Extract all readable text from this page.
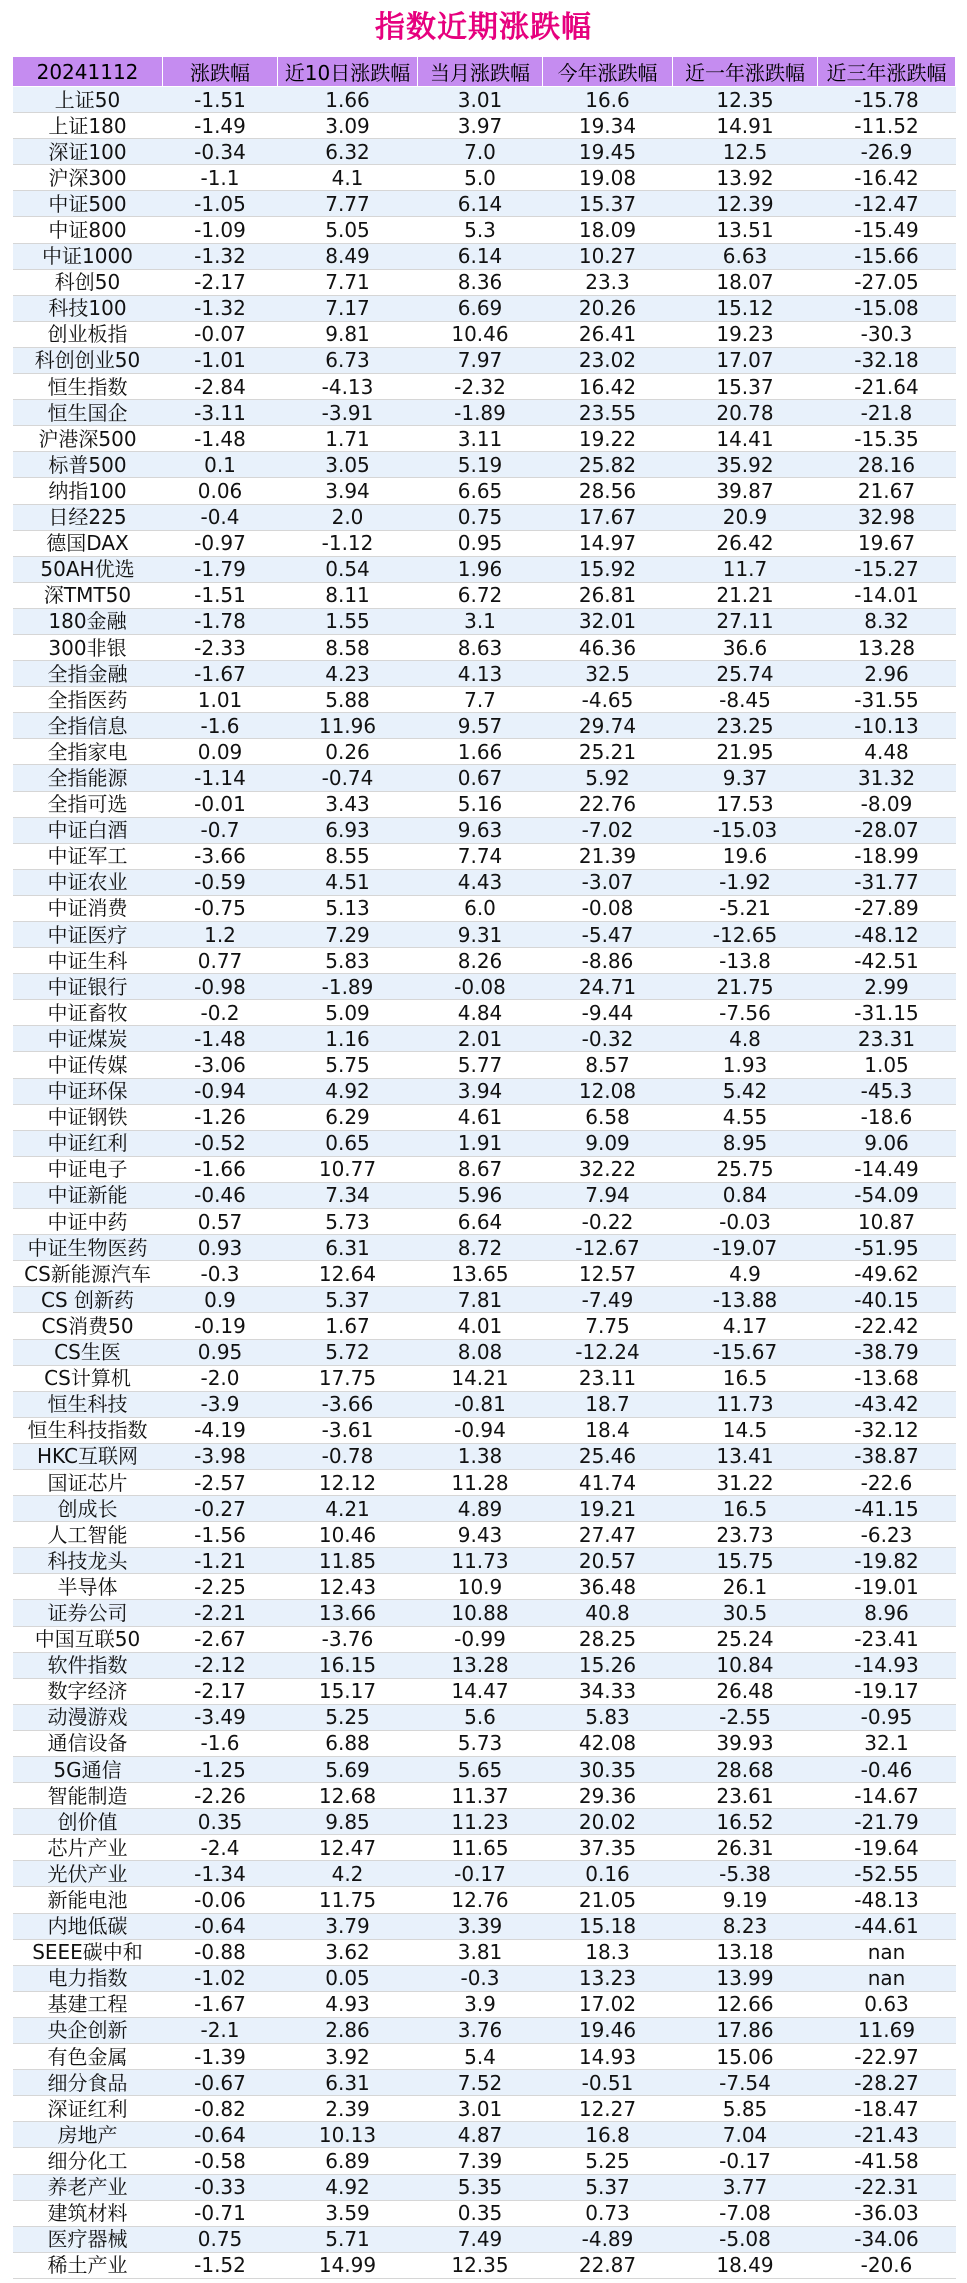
指数近期涨跌幅
20241112	涨跌幅	近10日涨跌幅	当月涨跌幅	今年涨跌幅	近一年涨跌幅	近三年涨跌幅
上证50	-1.51	1.66	3.01	16.6	12.35	-15.78
上证180	-1.49	3.09	3.97	19.34	14.91	-11.52
深证100	-0.34	6.32	7.0	19.45	12.5	-26.9
沪深300	-1.1	4.1	5.0	19.08	13.92	-16.42
中证500	-1.05	7.77	6.14	15.37	12.39	-12.47
中证800	-1.09	5.05	5.3	18.09	13.51	-15.49
中证1000	-1.32	8.49	6.14	10.27	6.63	-15.66
科创50	-2.17	7.71	8.36	23.3	18.07	-27.05
科技100	-1.32	7.17	6.69	20.26	15.12	-15.08
创业板指	-0.07	9.81	10.46	26.41	19.23	-30.3
科创创业50	-1.01	6.73	7.97	23.02	17.07	-32.18
恒生指数	-2.84	-4.13	-2.32	16.42	15.37	-21.64
恒生国企	-3.11	-3.91	-1.89	23.55	20.78	-21.8
沪港深500	-1.48	1.71	3.11	19.22	14.41	-15.35
标普500	0.1	3.05	5.19	25.82	35.92	28.16
纳指100	0.06	3.94	6.65	28.56	39.87	21.67
日经225	-0.4	2.0	0.75	17.67	20.9	32.98
德国DAX	-0.97	-1.12	0.95	14.97	26.42	19.67
50AH优选	-1.79	0.54	1.96	15.92	11.7	-15.27
深TMT50	-1.51	8.11	6.72	26.81	21.21	-14.01
180金融	-1.78	1.55	3.1	32.01	27.11	8.32
300非银	-2.33	8.58	8.63	46.36	36.6	13.28
全指金融	-1.67	4.23	4.13	32.5	25.74	2.96
全指医药	1.01	5.88	7.7	-4.65	-8.45	-31.55
全指信息	-1.6	11.96	9.57	29.74	23.25	-10.13
全指家电	0.09	0.26	1.66	25.21	21.95	4.48
全指能源	-1.14	-0.74	0.67	5.92	9.37	31.32
全指可选	-0.01	3.43	5.16	22.76	17.53	-8.09
中证白酒	-0.7	6.93	9.63	-7.02	-15.03	-28.07
中证军工	-3.66	8.55	7.74	21.39	19.6	-18.99
中证农业	-0.59	4.51	4.43	-3.07	-1.92	-31.77
中证消费	-0.75	5.13	6.0	-0.08	-5.21	-27.89
中证医疗	1.2	7.29	9.31	-5.47	-12.65	-48.12
中证生科	0.77	5.83	8.26	-8.86	-13.8	-42.51
中证银行	-0.98	-1.89	-0.08	24.71	21.75	2.99
中证畜牧	-0.2	5.09	4.84	-9.44	-7.56	-31.15
中证煤炭	-1.48	1.16	2.01	-0.32	4.8	23.31
中证传媒	-3.06	5.75	5.77	8.57	1.93	1.05
中证环保	-0.94	4.92	3.94	12.08	5.42	-45.3
中证钢铁	-1.26	6.29	4.61	6.58	4.55	-18.6
中证红利	-0.52	0.65	1.91	9.09	8.95	9.06
中证电子	-1.66	10.77	8.67	32.22	25.75	-14.49
中证新能	-0.46	7.34	5.96	7.94	0.84	-54.09
中证中药	0.57	5.73	6.64	-0.22	-0.03	10.87
中证生物医药	0.93	6.31	8.72	-12.67	-19.07	-51.95
CS新能源汽车	-0.3	12.64	13.65	12.57	4.9	-49.62
CS 创新药	0.9	5.37	7.81	-7.49	-13.88	-40.15
CS消费50	-0.19	1.67	4.01	7.75	4.17	-22.42
CS生医	0.95	5.72	8.08	-12.24	-15.67	-38.79
CS计算机	-2.0	17.75	14.21	23.11	16.5	-13.68
恒生科技	-3.9	-3.66	-0.81	18.7	11.73	-43.42
恒生科技指数	-4.19	-3.61	-0.94	18.4	14.5	-32.12
HKC互联网	-3.98	-0.78	1.38	25.46	13.41	-38.87
国证芯片	-2.57	12.12	11.28	41.74	31.22	-22.6
创成长	-0.27	4.21	4.89	19.21	16.5	-41.15
人工智能	-1.56	10.46	9.43	27.47	23.73	-6.23
科技龙头	-1.21	11.85	11.73	20.57	15.75	-19.82
半导体	-2.25	12.43	10.9	36.48	26.1	-19.01
证券公司	-2.21	13.66	10.88	40.8	30.5	8.96
中国互联50	-2.67	-3.76	-0.99	28.25	25.24	-23.41
软件指数	-2.12	16.15	13.28	15.26	10.84	-14.93
数字经济	-2.17	15.17	14.47	34.33	26.48	-19.17
动漫游戏	-3.49	5.25	5.6	5.83	-2.55	-0.95
通信设备	-1.6	6.88	5.73	42.08	39.93	32.1
5G通信	-1.25	5.69	5.65	30.35	28.68	-0.46
智能制造	-2.26	12.68	11.37	29.36	23.61	-14.67
创价值	0.35	9.85	11.23	20.02	16.52	-21.79
芯片产业	-2.4	12.47	11.65	37.35	26.31	-19.64
光伏产业	-1.34	4.2	-0.17	0.16	-5.38	-52.55
新能电池	-0.06	11.75	12.76	21.05	9.19	-48.13
内地低碳	-0.64	3.79	3.39	15.18	8.23	-44.61
SEEE碳中和	-0.88	3.62	3.81	18.3	13.18	nan
电力指数	-1.02	0.05	-0.3	13.23	13.99	nan
基建工程	-1.67	4.93	3.9	17.02	12.66	0.63
央企创新	-2.1	2.86	3.76	19.46	17.86	11.69
有色金属	-1.39	3.92	5.4	14.93	15.06	-22.97
细分食品	-0.67	6.31	7.52	-0.51	-7.54	-28.27
深证红利	-0.82	2.39	3.01	12.27	5.85	-18.47
房地产	-0.64	10.13	4.87	16.8	7.04	-21.43
细分化工	-0.58	6.89	7.39	5.25	-0.17	-41.58
养老产业	-0.33	4.92	5.35	5.37	3.77	-22.31
建筑材料	-0.71	3.59	0.35	0.73	-7.08	-36.03
医疗器械	0.75	5.71	7.49	-4.89	-5.08	-34.06
稀土产业	-1.52	14.99	12.35	22.87	18.49	-20.6
